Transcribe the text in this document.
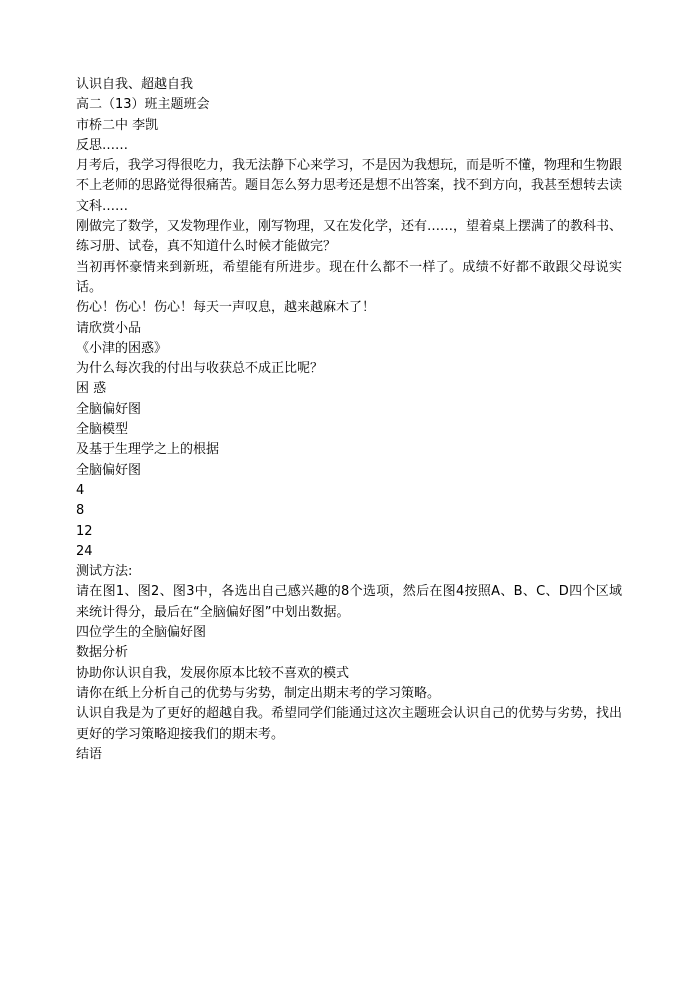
认识自我、超越自我

高二（13）班主题班会

市桥二中 李凯

反思……

月考后，我学习得很吃力，我无法静下心来学习，不是因为我想玩，而是听不懂，物理和生物跟不上老师的思路觉得很痛苦。题目怎么努力思考还是想不出答案，找不到方向，我甚至想转去读文科……

刚做完了数学，又发物理作业，刚写物理，又在发化学，还有……，望着桌上摆满了的教科书、练习册、试卷，真不知道什么时候才能做完？

当初再怀豪情来到新班，希望能有所进步。现在什么都不一样了。成绩不好都不敢跟父母说实话。

伤心！伤心！伤心！每天一声叹息，越来越麻木了！

请欣赏小品

《小津的困惑》

为什么每次我的付出与收获总不成正比呢？

困 惑

全脑偏好图

全脑模型

及基于生理学之上的根据

全脑偏好图

4

8

12

24

测试方法:

请在图1、图2、图3中，各选出自己感兴趣的8个选项，然后在图4按照A、B、C、D四个区域来统计得分，最后在“全脑偏好图”中划出数据。

四位学生的全脑偏好图

数据分析

协助你认识自我，发展你原本比较不喜欢的模式

请你在纸上分析自己的优势与劣势，制定出期末考的学习策略。

认识自我是为了更好的超越自我。希望同学们能通过这次主题班会认识自己的优势与劣势，找出更好的学习策略迎接我们的期末考。

结语
